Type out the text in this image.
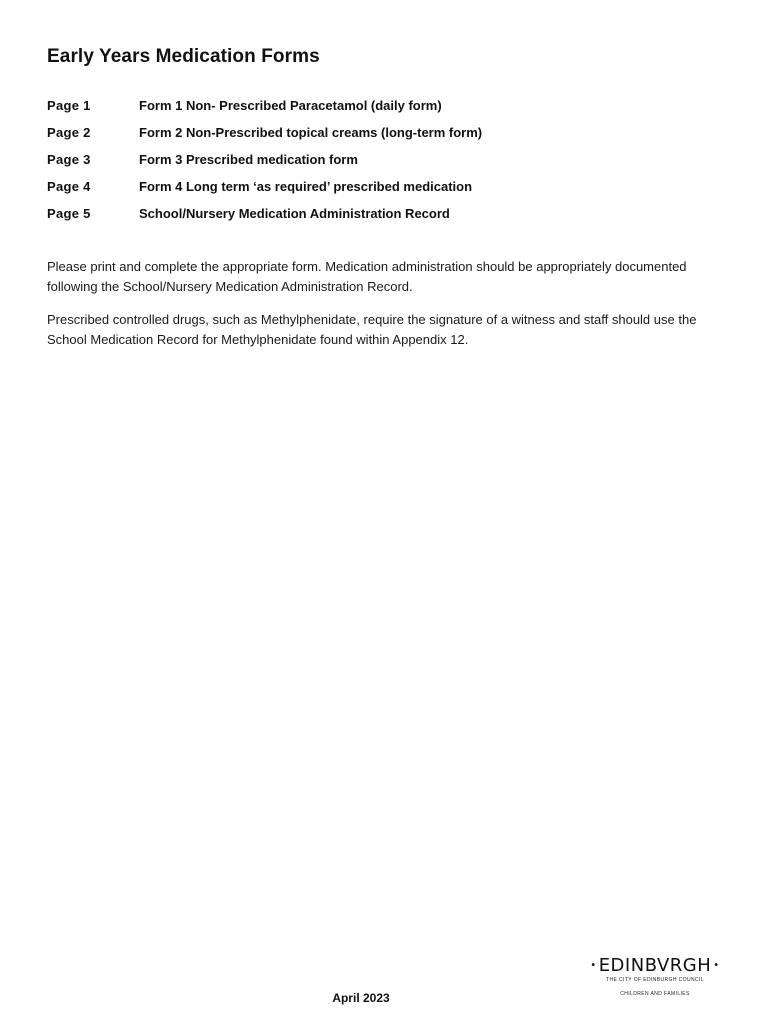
Early Years Medication Forms
Page 1	Form 1 Non- Prescribed Paracetamol (daily form)
Page 2	Form 2 Non-Prescribed topical creams (long-term form)
Page 3	Form 3 Prescribed medication form
Page 4	Form 4 Long term ‘as required’ prescribed medication
Page 5	School/Nursery Medication Administration Record

Please print and complete the appropriate form. Medication administration should be appropriately documented following the School/Nursery Medication Administration Record.

Prescribed controlled drugs, such as Methylphenidate, require the signature of a witness and staff should use the School Medication Record for Methylphenidate found within Appendix 12.

• EDINBVRGH •
THE CITY OF EDINBURGH COUNCIL
CHILDREN AND FAMILIES
April 2023
